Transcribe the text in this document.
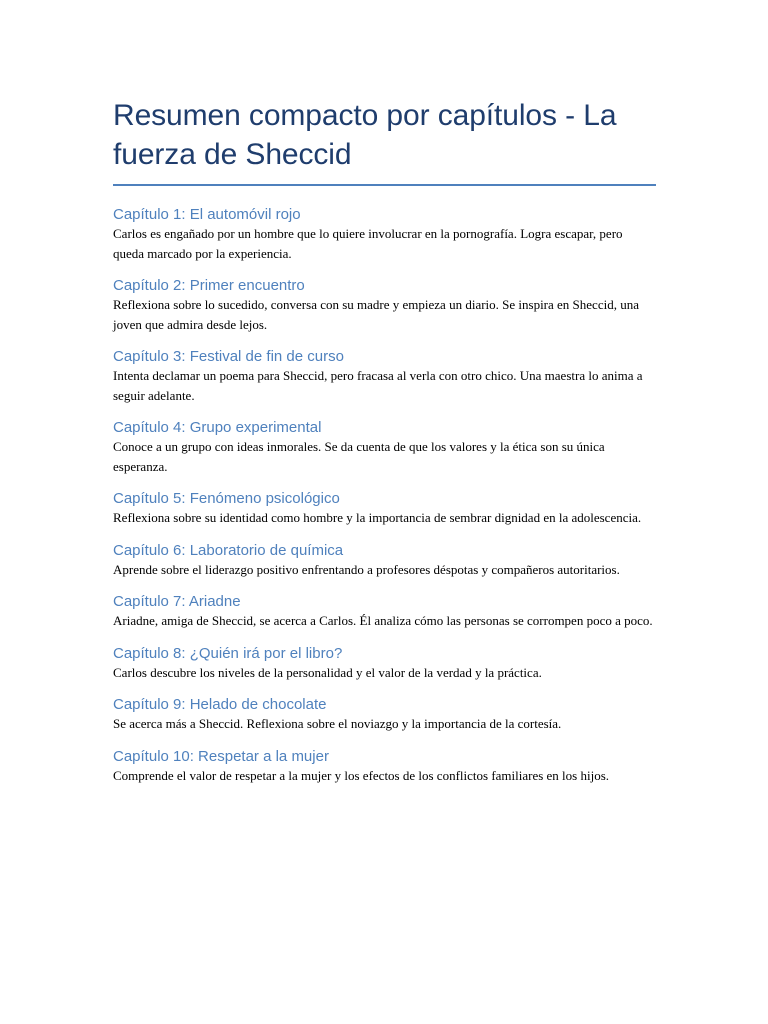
Resumen compacto por capítulos - La fuerza de Sheccid
Capítulo 1: El automóvil rojo

Carlos es engañado por un hombre que lo quiere involucrar en la pornografía. Logra escapar, pero queda marcado por la experiencia.

Capítulo 2: Primer encuentro

Reflexiona sobre lo sucedido, conversa con su madre y empieza un diario. Se inspira en Sheccid, una joven que admira desde lejos.

Capítulo 3: Festival de fin de curso

Intenta declamar un poema para Sheccid, pero fracasa al verla con otro chico. Una maestra lo anima a seguir adelante.

Capítulo 4: Grupo experimental

Conoce a un grupo con ideas inmorales. Se da cuenta de que los valores y la ética son su única esperanza.

Capítulo 5: Fenómeno psicológico

Reflexiona sobre su identidad como hombre y la importancia de sembrar dignidad en la adolescencia.

Capítulo 6: Laboratorio de química

Aprende sobre el liderazgo positivo enfrentando a profesores déspotas y compañeros autoritarios.

Capítulo 7: Ariadne

Ariadne, amiga de Sheccid, se acerca a Carlos. Él analiza cómo las personas se corrompen poco a poco.

Capítulo 8: ¿Quién irá por el libro?

Carlos descubre los niveles de la personalidad y el valor de la verdad y la práctica.

Capítulo 9: Helado de chocolate

Se acerca más a Sheccid. Reflexiona sobre el noviazgo y la importancia de la cortesía.

Capítulo 10: Respetar a la mujer

Comprende el valor de respetar a la mujer y los efectos de los conflictos familiares en los hijos.
